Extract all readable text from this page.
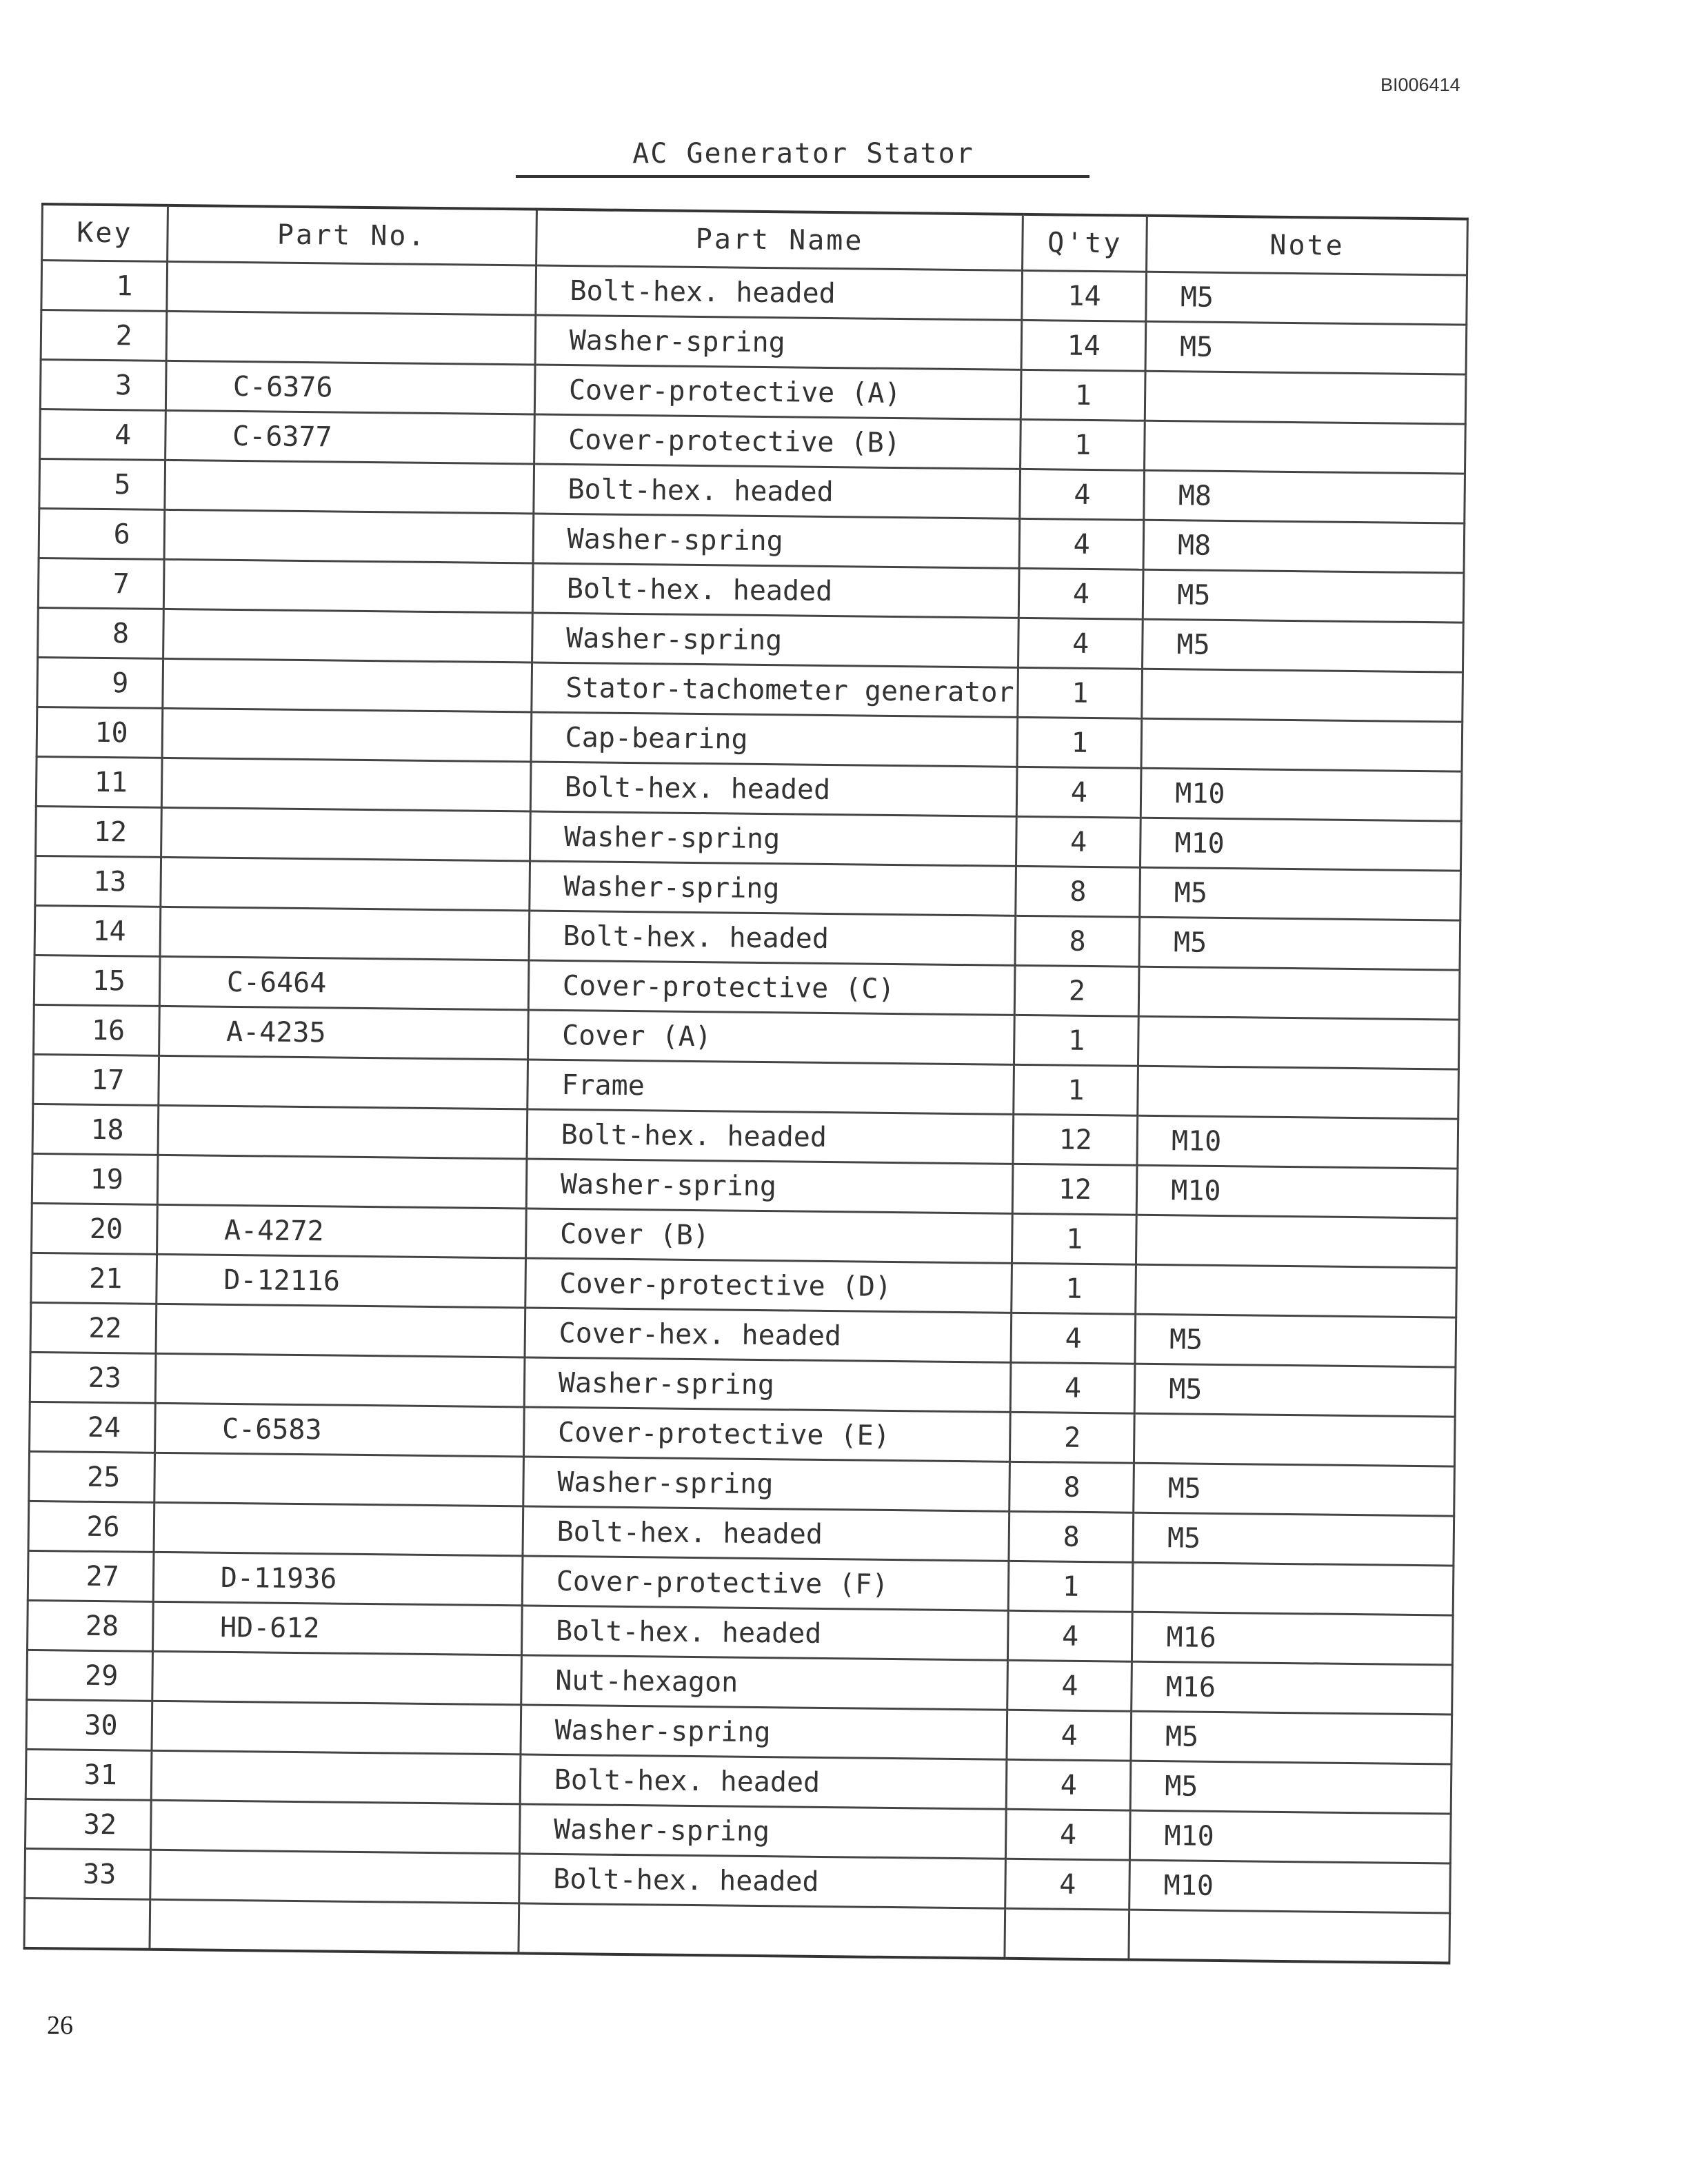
BI006414
AC Generator Stator
Key	Part No.	Part Name	Q'ty	Note
1		Bolt-hex. headed	14	M5
2		Washer-spring	14	M5
3	C-6376	Cover-protective (A)	1	
4	C-6377	Cover-protective (B)	1	
5		Bolt-hex. headed	4	M8
6		Washer-spring	4	M8
7		Bolt-hex. headed	4	M5
8		Washer-spring	4	M5
9		Stator-tachometer generator	1	
10		Cap-bearing	1	
11		Bolt-hex. headed	4	M10
12		Washer-spring	4	M10
13		Washer-spring	8	M5
14		Bolt-hex. headed	8	M5
15	C-6464	Cover-protective (C)	2	
16	A-4235	Cover (A)	1	
17		Frame	1	
18		Bolt-hex. headed	12	M10
19		Washer-spring	12	M10
20	A-4272	Cover (B)	1	
21	D-12116	Cover-protective (D)	1	
22		Cover-hex. headed	4	M5
23		Washer-spring	4	M5
24	C-6583	Cover-protective (E)	2	
25		Washer-spring	8	M5
26		Bolt-hex. headed	8	M5
27	D-11936	Cover-protective (F)	1	
28	HD-612	Bolt-hex. headed	4	M16
29		Nut-hexagon	4	M16
30		Washer-spring	4	M5
31		Bolt-hex. headed	4	M5
32		Washer-spring	4	M10
33		Bolt-hex. headed	4	M10

26
